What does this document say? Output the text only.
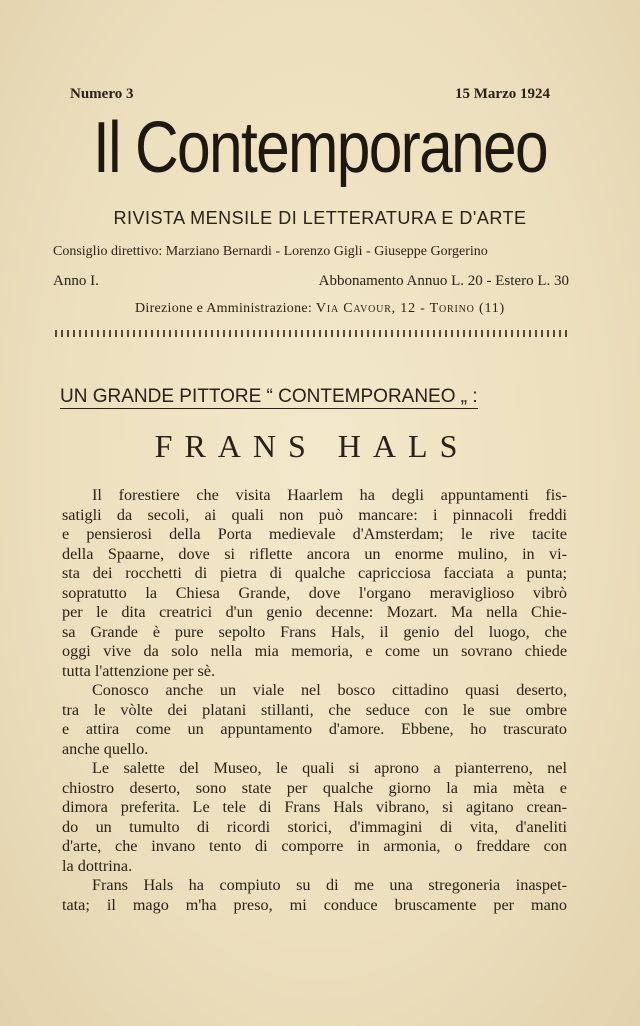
Numero 3	15 Marzo 1924
Il Contemporaneo
RIVISTA MENSILE DI LETTERATURA E D'ARTE
Consiglio direttivo: Marziano Bernardi - Lorenzo Gigli - Giuseppe Gorgerino
Anno I.	Abbonamento Annuo L. 20 - Estero L. 30
Direzione e Amministrazione: Via Cavour, 12 - Torino (11)
UN GRANDE PITTORE “ CONTEMPORANEO „ :
FRANS HALS
Il forestiere che visita Haarlem ha degli appuntamenti fis-
satigli da secoli, ai quali non può mancare: i pinnacoli freddi
e pensierosi della Porta medievale d'Amsterdam; le rive tacite
della Spaarne, dove si riflette ancora un enorme mulino, in vi-
sta dei rocchetti di pietra di qualche capricciosa facciata a punta;
sopratutto la Chiesa Grande, dove l'organo meraviglioso vibrò
per le dita creatrici d'un genio decenne: Mozart. Ma nella Chie-
sa Grande è pure sepolto Frans Hals, il genio del luogo, che
oggi vive da solo nella mia memoria, e come un sovrano chiede
tutta l'attenzione per sè.
Conosco anche un viale nel bosco cittadino quasi deserto,
tra le vòlte dei platani stillanti, che seduce con le sue ombre
e attira come un appuntamento d'amore. Ebbene, ho trascurato
anche quello.
Le salette del Museo, le quali si aprono a pianterreno, nel
chiostro deserto, sono state per qualche giorno la mia mèta e
dimora preferita. Le tele di Frans Hals vibrano, si agitano crean-
do un tumulto di ricordi storici, d'immagini di vita, d'aneliti
d'arte, che invano tento di comporre in armonia, o freddare con
la dottrina.
Frans Hals ha compiuto su di me una stregoneria inaspet-
tata; il mago m'ha preso, mi conduce bruscamente per mano
